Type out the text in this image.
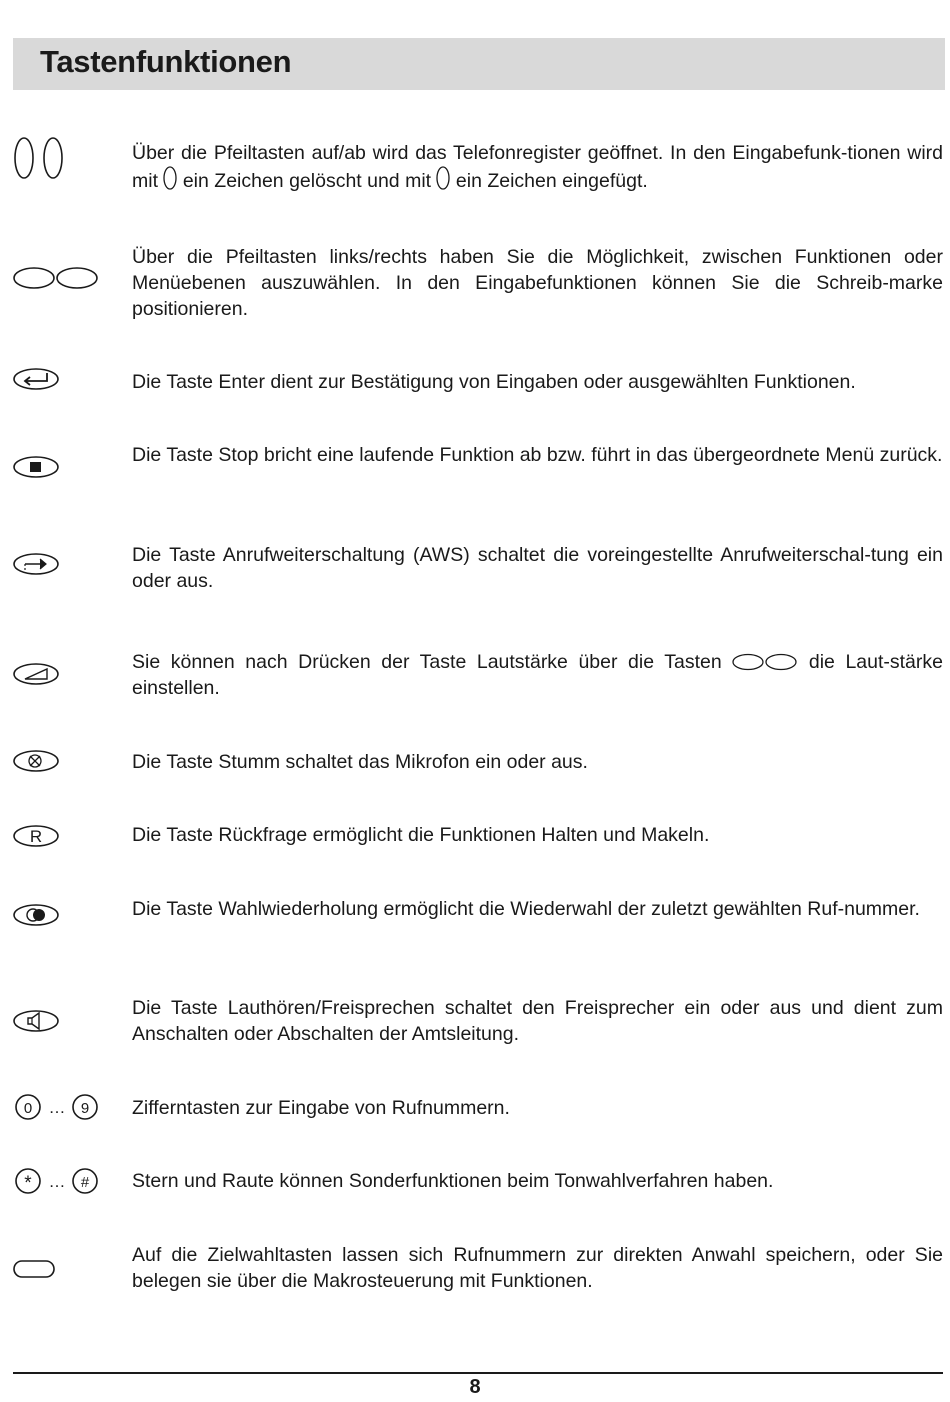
Tastenfunktionen

Über die Pfeiltasten auf/ab wird das Telefonregister geöffnet. In den Eingabefunk-tionen wird mit  ein Zeichen gelöscht und mit  ein Zeichen eingefügt.

Über die Pfeiltasten links/rechts haben Sie die Möglichkeit, zwischen Funktionen oder Menüebenen auszuwählen. In den Eingabefunktionen können Sie die Schreib-marke positionieren.

Die Taste Enter dient zur Bestätigung von Eingaben oder ausgewählten Funktionen.

Die Taste Stop bricht eine laufende Funktion ab bzw. führt in das übergeordnete Menü zurück.

Die Taste Anrufweiterschaltung (AWS) schaltet die voreingestellte Anrufweiterschal-tung ein oder aus.

Sie können nach Drücken der Taste Lautstärke über die Tasten	die Laut-stärke einstellen.

Die Taste Stumm schaltet das Mikrofon ein oder aus.

R	Die Taste Rückfrage ermöglicht die Funktionen Halten und Makeln.

Die Taste Wahlwiederholung ermöglicht die Wiederwahl der zuletzt gewählten Ruf-nummer.

Die Taste Lauthören/Freisprechen schaltet den Freisprecher ein oder aus und dient zum Anschalten oder Abschalten der Amtsleitung.

0 … 9 Zifferntasten zur Eingabe von Rufnummern.

* … # Stern und Raute können Sonderfunktionen beim Tonwahlverfahren haben.

Auf die Zielwahltasten lassen sich Rufnummern zur direkten Anwahl speichern, oder Sie belegen sie über die Makrosteuerung mit Funktionen.

8
